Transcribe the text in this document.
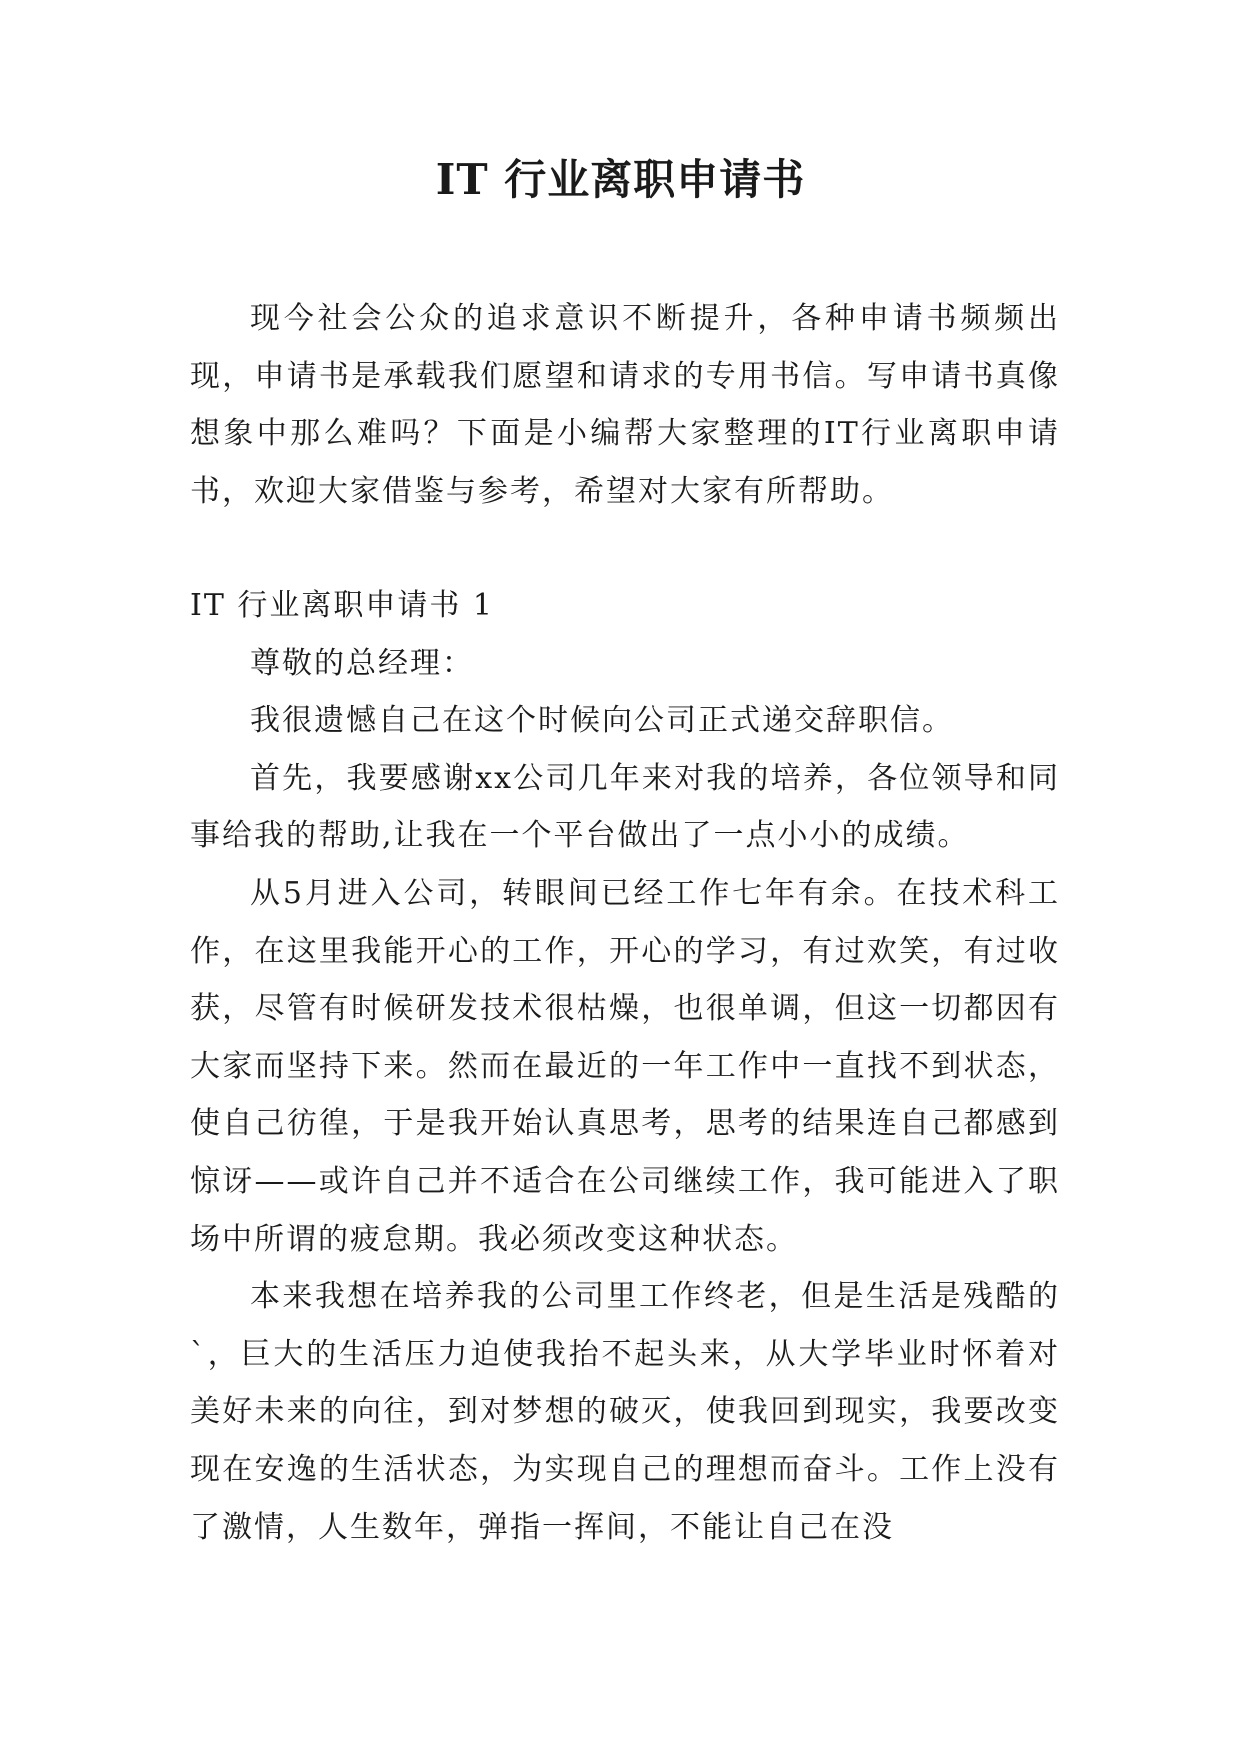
IT 行业离职申请书

现今社会公众的追求意识不断提升，各种申请书频频出现，申请书是承载我们愿望和请求的专用书信。写申请书真像想象中那么难吗？下面是小编帮大家整理的IT行业离职申请书，欢迎大家借鉴与参考，希望对大家有所帮助。

IT 行业离职申请书 1

尊敬的总经理：

我很遗憾自己在这个时候向公司正式递交辞职信。

首先，我要感谢xx公司几年来对我的培养，各位领导和同事给我的帮助,让我在一个平台做出了一点小小的成绩。

从5月进入公司，转眼间已经工作七年有余。在技术科工作，在这里我能开心的工作，开心的学习，有过欢笑，有过收获，尽管有时候研发技术很枯燥，也很单调，但这一切都因有大家而坚持下来。然而在最近的一年工作中一直找不到状态，使自己彷徨，于是我开始认真思考，思考的结果连自己都感到惊讶——或许自己并不适合在公司继续工作，我可能进入了职场中所谓的疲怠期。我必须改变这种状态。

本来我想在培养我的公司里工作终老，但是生活是残酷的`，巨大的生活压力迫使我抬不起头来，从大学毕业时怀着对美好未来的向往，到对梦想的破灭，使我回到现实，我要改变现在安逸的生活状态，为实现自己的理想而奋斗。工作上没有了激情，人生数年，弹指一挥间，不能让自己在没
